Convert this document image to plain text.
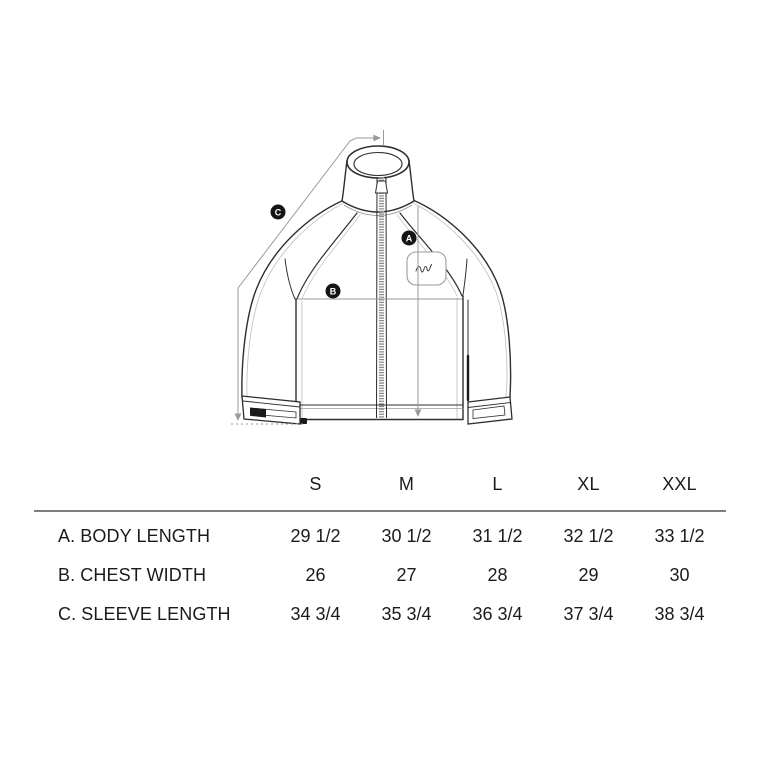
A
B
C
S	M	L	XL	XXL
A. BODY LENGTH	29 1/2	30 1/2	31 1/2	32 1/2	33 1/2
B. CHEST WIDTH	26	27	28	29	30
C. SLEEVE LENGTH	34 3/4	35 3/4	36 3/4	37 3/4	38 3/4
